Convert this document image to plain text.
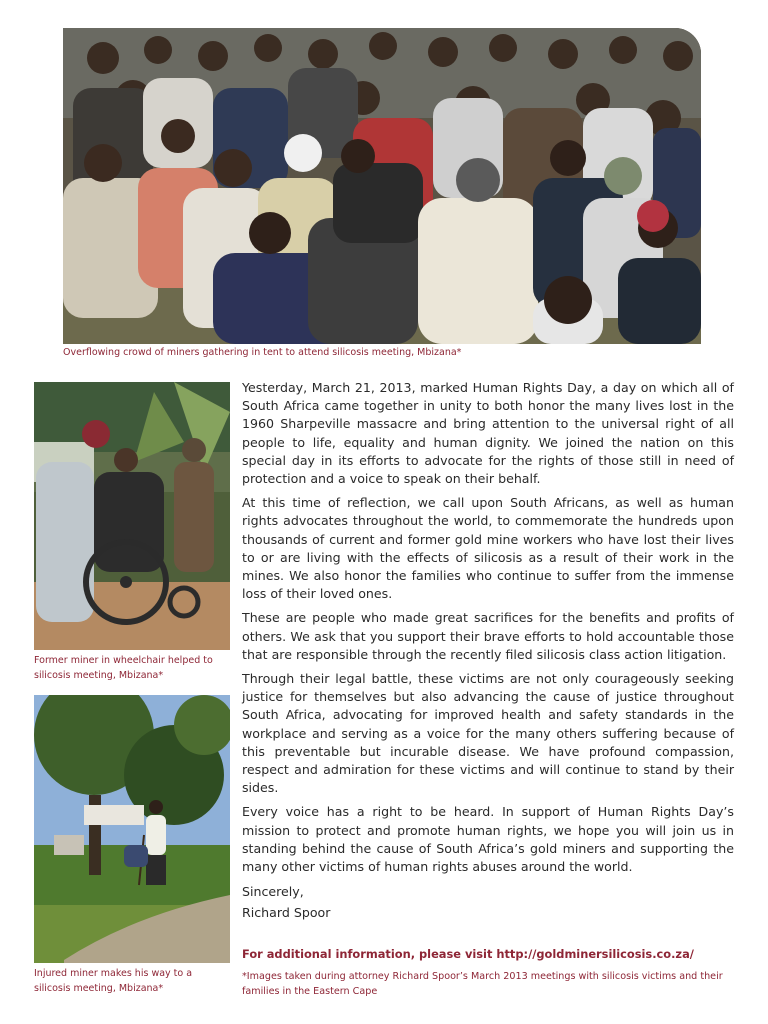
Overflowing crowd of miners gathering in tent to attend silicosis meeting, Mbizana*
Former miner in wheelchair helped to
silicosis meeting, Mbizana*
Injured miner makes his way to a
silicosis meeting, Mbizana*

Yesterday, March 21, 2013, marked Human Rights Day, a day on which all of South Africa came together in unity to both honor the many lives lost in the 1960 Sharpeville massacre and bring attention to the universal right of all people to life, equality and human dignity. We joined the nation on this special day in its efforts to advocate for the rights of those still in need of protection and a voice to speak on their behalf.

At this time of reflection, we call upon South Africans, as well as human rights advocates throughout the world, to commemorate the hundreds upon thousands of current and former gold mine workers who have lost their lives to or are living with the effects of silicosis as a result of their work in the mines. We also honor the families who continue to suffer from the immense loss of their loved ones.

These are people who made great sacrifices for the benefits and profits of others. We ask that you support their brave efforts to hold accountable those that are responsible through the recently filed silicosis class action litigation.

Through their legal battle, these victims are not only courageously seeking justice for themselves but also advancing the cause of justice throughout South Africa, advocating for improved health and safety standards in the workplace and serving as a voice for the many others suffering because of this preventable but incurable disease. We have profound compassion, respect and admiration for these victims and will continue to stand by their sides.

Every voice has a right to be heard. In support of Human Rights Day’s mission to protect and promote human rights, we hope you will join us in standing behind the cause of South Africa’s gold miners and supporting the many other victims of human rights abuses around the world.

Sincerely,
Richard Spoor
For additional information, please visit http://goldminersilicosis.co.za/
*Images taken during attorney Richard Spoor’s March 2013 meetings with silicosis victims and their families in the Eastern Cape
